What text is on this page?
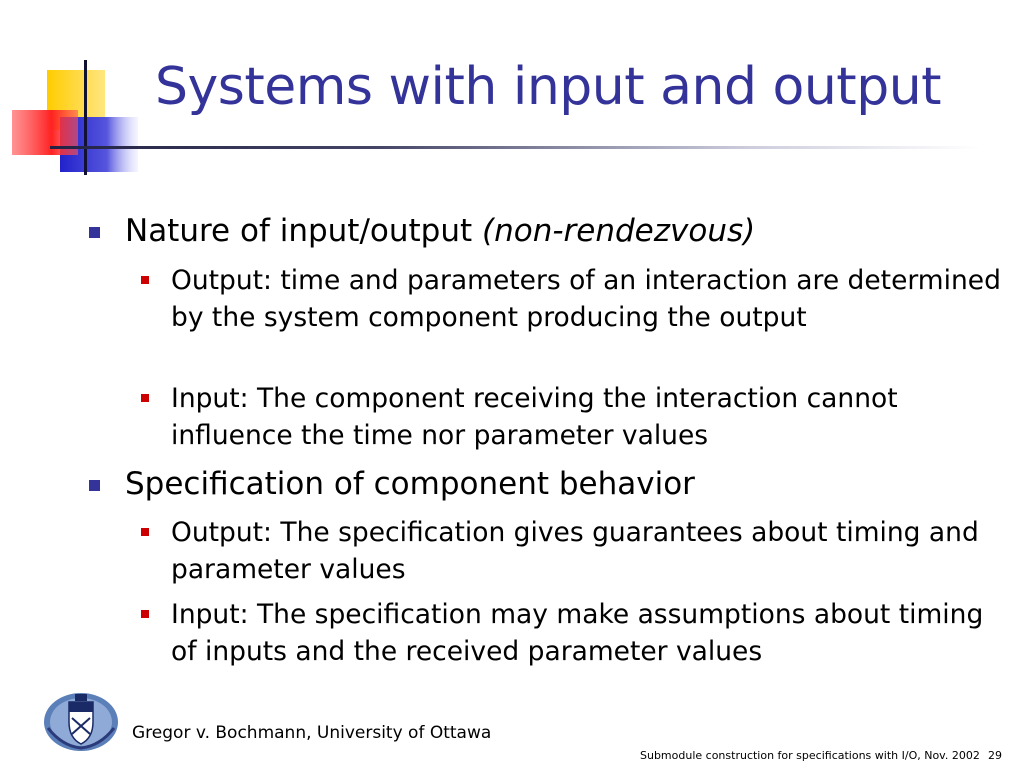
Systems with input and output
Nature of input/output (non-rendezvous)
Output: time and parameters of an interaction are determined by the system component producing the output
Input: The component receiving the interaction cannot influence the time nor parameter values
Specification of component behavior
Output: The specification gives guarantees about timing and parameter values
Input: The specification may make assumptions about timing of inputs and the received parameter values
Gregor v. Bochmann, University of Ottawa
Submodule construction for specifications with I/O, Nov. 2002 29
